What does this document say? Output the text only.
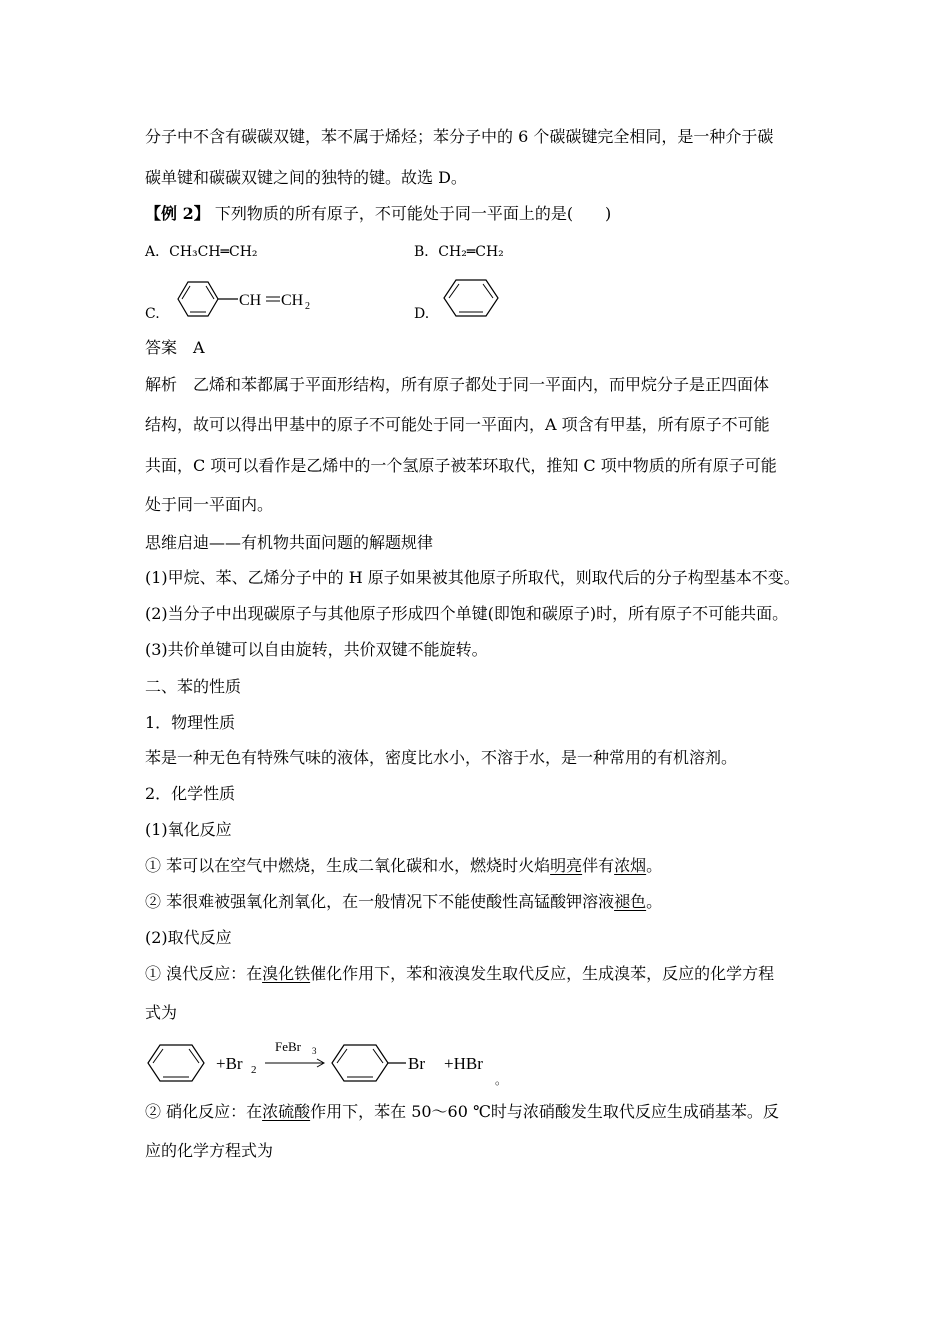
分子中不含有碳碳双键，苯不属于烯烃；苯分子中的 6 个碳碳键完全相同，是一种介于碳
碳单键和碳碳双键之间的独特的键。故选 D。
【例 2】 下列物质的所有原子，不可能处于同一平面上的是(　　)
A．CH₃CH═CH₂	B．CH₂═CH₂
C.
CH CH 2	D.
答案　A
解析　乙烯和苯都属于平面形结构，所有原子都处于同一平面内，而甲烷分子是正四面体
结构，故可以得出甲基中的原子不可能处于同一平面内，A 项含有甲基，所有原子不可能
共面，C 项可以看作是乙烯中的一个氢原子被苯环取代，推知 C 项中物质的所有原子可能
处于同一平面内。
思维启迪——有机物共面问题的解题规律
(1)甲烷、苯、乙烯分子中的 H 原子如果被其他原子所取代，则取代后的分子构型基本不变。
(2)当分子中出现碳原子与其他原子形成四个单键(即饱和碳原子)时，所有原子不可能共面。
(3)共价单键可以自由旋转，共价双键不能旋转。
二、苯的性质
1．物理性质
苯是一种无色有特殊气味的液体，密度比水小，不溶于水，是一种常用的有机溶剂。
2．化学性质
(1)氧化反应
① 苯可以在空气中燃烧，生成二氧化碳和水，燃烧时火焰明亮伴有浓烟。
② 苯很难被强氧化剂氧化，在一般情况下不能使酸性高锰酸钾溶液褪色。
(2)取代反应
① 溴代反应：在溴化铁催化作用下，苯和液溴发生取代反应，生成溴苯，反应的化学方程
式为
+Br 2
FeBr 3
Br +HBr
。
② 硝化反应：在浓硫酸作用下，苯在 50～60 ℃时与浓硝酸发生取代反应生成硝基苯。反
应的化学方程式为
